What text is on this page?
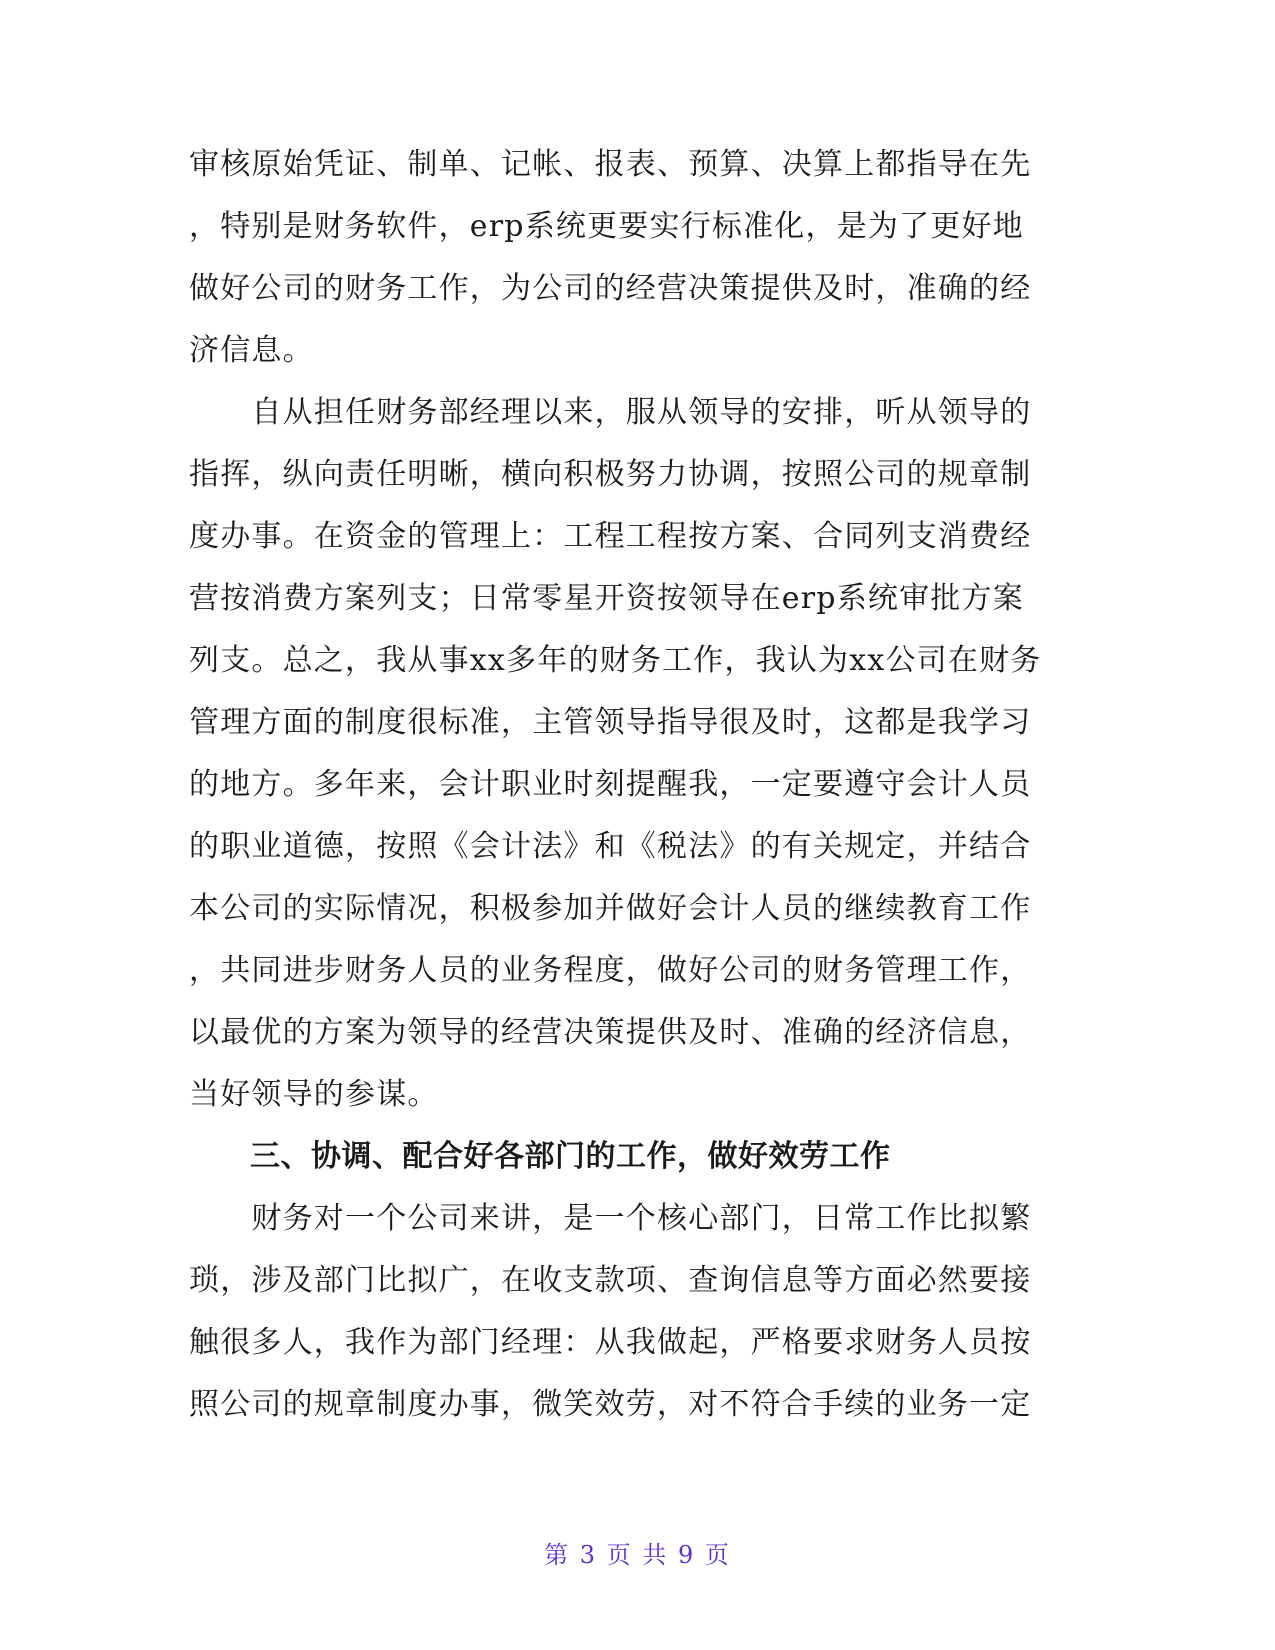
审核原始凭证、制单、记帐、报表、预算、决算上都指导在先
，特别是财务软件，erp系统更要实行标准化，是为了更好地
做好公司的财务工作，为公司的经营决策提供及时，准确的经
济信息。
　　自从担任财务部经理以来，服从领导的安排，听从领导的
指挥，纵向责任明晰，横向积极努力协调，按照公司的规章制
度办事。在资金的管理上：工程工程按方案、合同列支消费经
营按消费方案列支；日常零星开资按领导在erp系统审批方案
列支。总之，我从事xx多年的财务工作，我认为xx公司在财务
管理方面的制度很标准，主管领导指导很及时，这都是我学习
的地方。多年来，会计职业时刻提醒我，一定要遵守会计人员
的职业道德，按照《会计法》和《税法》的有关规定，并结合
本公司的实际情况，积极参加并做好会计人员的继续教育工作
，共同进步财务人员的业务程度，做好公司的财务管理工作，
以最优的方案为领导的经营决策提供及时、准确的经济信息，
当好领导的参谋。
　　三、协调、配合好各部门的工作，做好效劳工作
　　财务对一个公司来讲，是一个核心部门，日常工作比拟繁
琐，涉及部门比拟广，在收支款项、查询信息等方面必然要接
触很多人，我作为部门经理：从我做起，严格要求财务人员按
照公司的规章制度办事，微笑效劳，对不符合手续的业务一定
第 3 页 共 9 页
